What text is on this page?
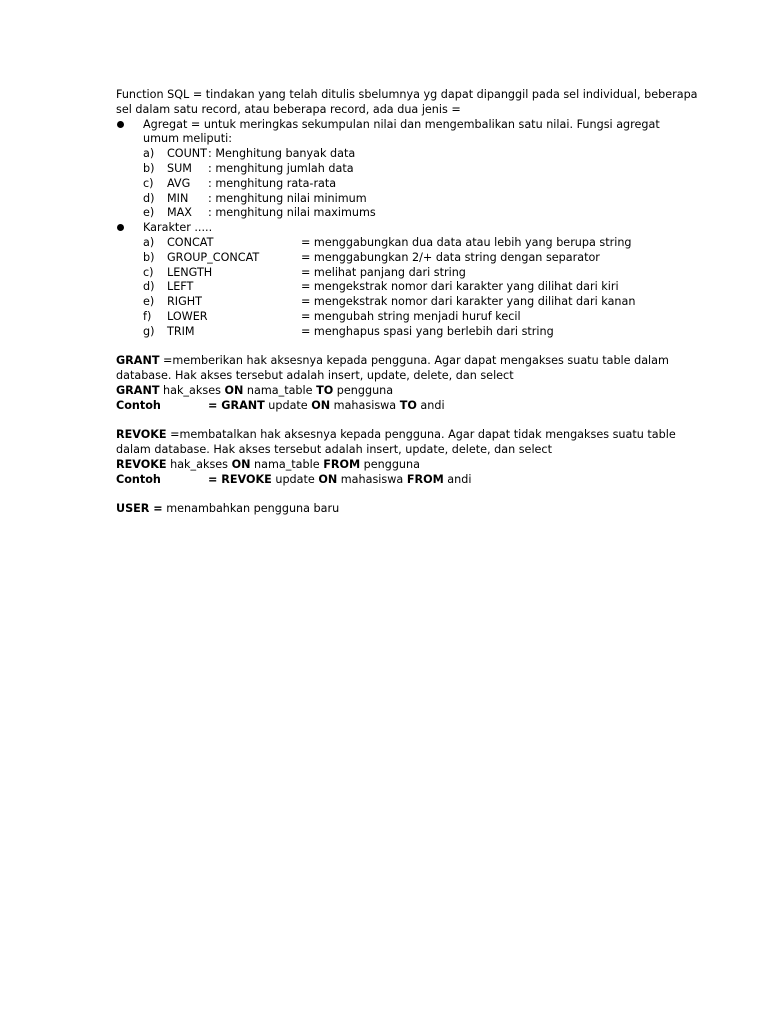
Function SQL = tindakan yang telah ditulis sbelumnya yg dapat dipanggil pada sel individual, beberapa

sel dalam satu record, atau beberapa record, ada dua jenis =

Agregat = untuk meringkas sekumpulan nilai dan mengembalikan satu nilai. Fungsi agregat

umum meliputi:

a) COUNT: Menghitung banyak data
b) SUM : menghitung jumlah data
c) AVG : menghitung rata-rata
d) MIN : menghitung nilai minimum
e) MAX : menghitung nilai maximums

Karakter .....

a) CONCAT	= menggabungkan dua data atau lebih yang berupa string
b) GROUP_CONCAT	= menggabungkan 2/+ data string dengan separator
c) LENGTH	= melihat panjang dari string
d) LEFT	= mengekstrak nomor dari karakter yang dilihat dari kiri
e) RIGHT	= mengekstrak nomor dari karakter yang dilihat dari kanan
f) LOWER	= mengubah string menjadi huruf kecil
g) TRIM	= menghapus spasi yang berlebih dari string

GRANT =memberikan hak aksesnya kepada pengguna. Agar dapat mengakses suatu table dalam

database. Hak akses tersebut adalah insert, update, delete, dan select

GRANT hak_akses ON nama_table TO pengguna

Contoh	= GRANT update ON mahasiswa TO andi

REVOKE =membatalkan hak aksesnya kepada pengguna. Agar dapat tidak mengakses suatu table

dalam database. Hak akses tersebut adalah insert, update, delete, dan select

REVOKE hak_akses ON nama_table FROM pengguna

Contoh	= REVOKE update ON mahasiswa FROM andi

USER = menambahkan pengguna baru
